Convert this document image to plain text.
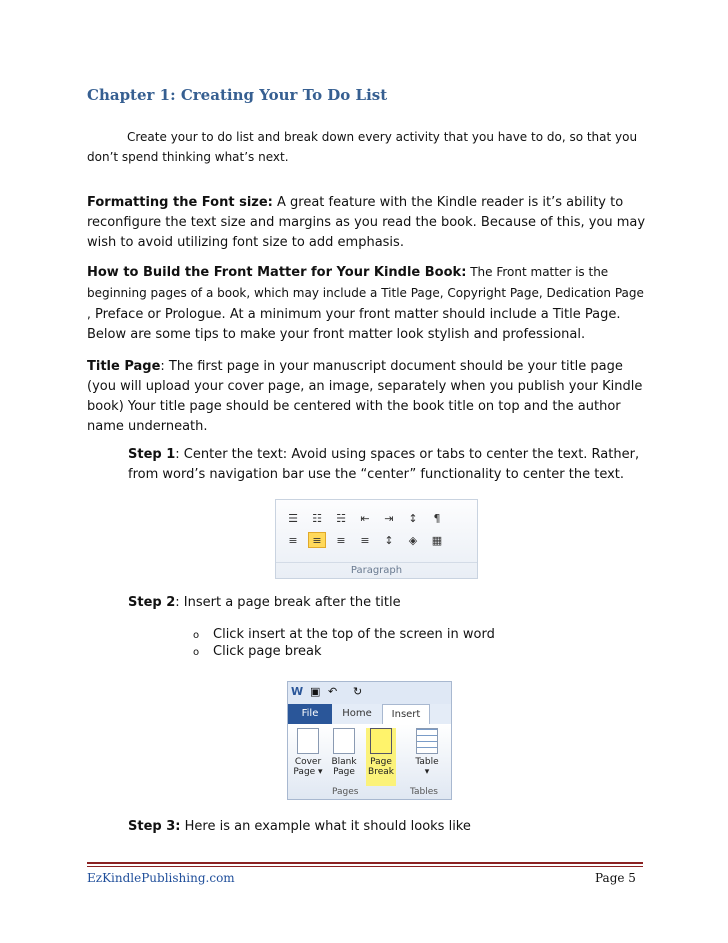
Chapter 1: Creating Your To Do List
Create your to do list and break down every activity that you have to do, so that you don’t spend thinking what’s next.
Formatting the Font size: A great feature with the Kindle reader is it’s ability to reconfigure the text size and margins as you read the book. Because of this, you may wish to avoid utilizing font size to add emphasis.
How to Build the Front Matter for Your Kindle Book: The Front matter is the beginning pages of a book, which may include a Title Page, Copyright Page, Dedication Page , Preface or Prologue. At a minimum your front matter should include a Title Page. Below are some tips to make your front matter look stylish and professional.
Title Page: The first page in your manuscript document should be your title page (you will upload your cover page, an image, separately when you publish your Kindle book) Your title page should be centered with the book title on top and the author name underneath.
Step 1: Center the text: Avoid using spaces or tabs to center the text. Rather, from word’s navigation bar use the “center” functionality to center the text.
☰	☷	☵	⇤	⇥	↕	¶
≡	≡	≡	≡	↕	◈	▦
Paragraph
Step 2: Insert a page break after the title
o Click insert at the top of the screen in word
o Click page break
W ▣ ↶ ↻
File	Home	Insert
Cover
Page ▾
Blank
Page
Page
Break
Table
▾
Pages	Tables
Step 3: Here is an example what it should looks like
EzKindlePublishing.com	Page 5
